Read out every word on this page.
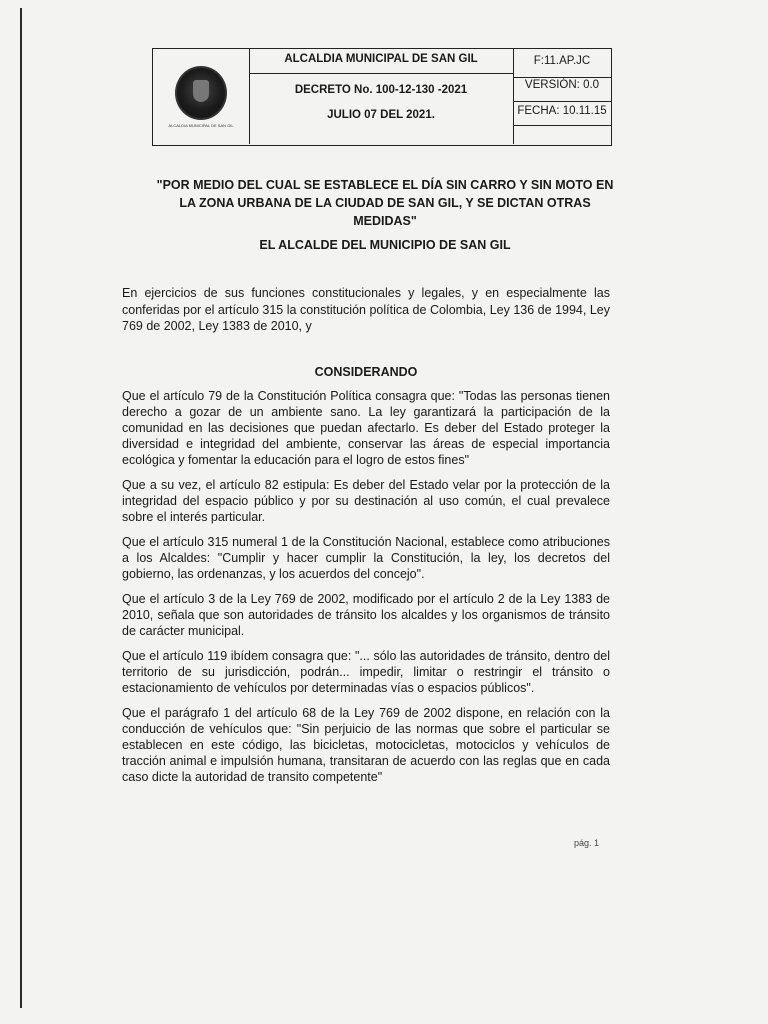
ALCALDIA MUNICIPAL DE SAN GIL
ALCALDIA MUNICIPAL DE SAN GIL
DECRETO No. 100-12-130 -2021
JULIO 07 DEL 2021.
F:11.AP.JC
VERSIÓN: 0.0
FECHA: 10.11.15
"POR MEDIO DEL CUAL SE ESTABLECE EL DÍA SIN CARRO Y SIN MOTO EN LA ZONA URBANA DE LA CIUDAD DE SAN GIL, Y SE DICTAN OTRAS MEDIDAS"
EL ALCALDE DEL MUNICIPIO DE SAN GIL
En ejercicios de sus funciones constitucionales y legales, y en especialmente las conferidas por el artículo 315 la constitución política de Colombia, Ley 136 de 1994, Ley 769 de 2002, Ley 1383 de 2010, y
CONSIDERANDO

Que el artículo 79 de la Constitución Política consagra que: "Todas las personas tienen derecho a gozar de un ambiente sano. La ley garantizará la participación de la comunidad en las decisiones que puedan afectarlo. Es deber del Estado proteger la diversidad e integridad del ambiente, conservar las áreas de especial importancia ecológica y fomentar la educación para el logro de estos fines"

Que a su vez, el artículo 82 estipula: Es deber del Estado velar por la protección de la integridad del espacio público y por su destinación al uso común, el cual prevalece sobre el interés particular.

Que el artículo 315 numeral 1 de la Constitución Nacional, establece como atribuciones a los Alcaldes: "Cumplir y hacer cumplir la Constitución, la ley, los decretos del gobierno, las ordenanzas, y los acuerdos del concejo".

Que el artículo 3 de la Ley 769 de 2002, modificado por el artículo 2 de la Ley 1383 de 2010, señala que son autoridades de tránsito los alcaldes y los organismos de tránsito de carácter municipal.

Que el artículo 119 ibídem consagra que: "... sólo las autoridades de tránsito, dentro del territorio de su jurisdicción, podrán... impedir, limitar o restringir el tránsito o estacionamiento de vehículos por determinadas vías o espacios públicos".

Que el parágrafo 1 del artículo 68 de la Ley 769 de 2002 dispone, en relación con la conducción de vehículos que: "Sin perjuicio de las normas que sobre el particular se establecen en este código, las bicicletas, motocicletas, motociclos y vehículos de tracción animal e impulsión humana, transitaran de acuerdo con las reglas que en cada caso dicte la autoridad de transito competente"

pág. 1
